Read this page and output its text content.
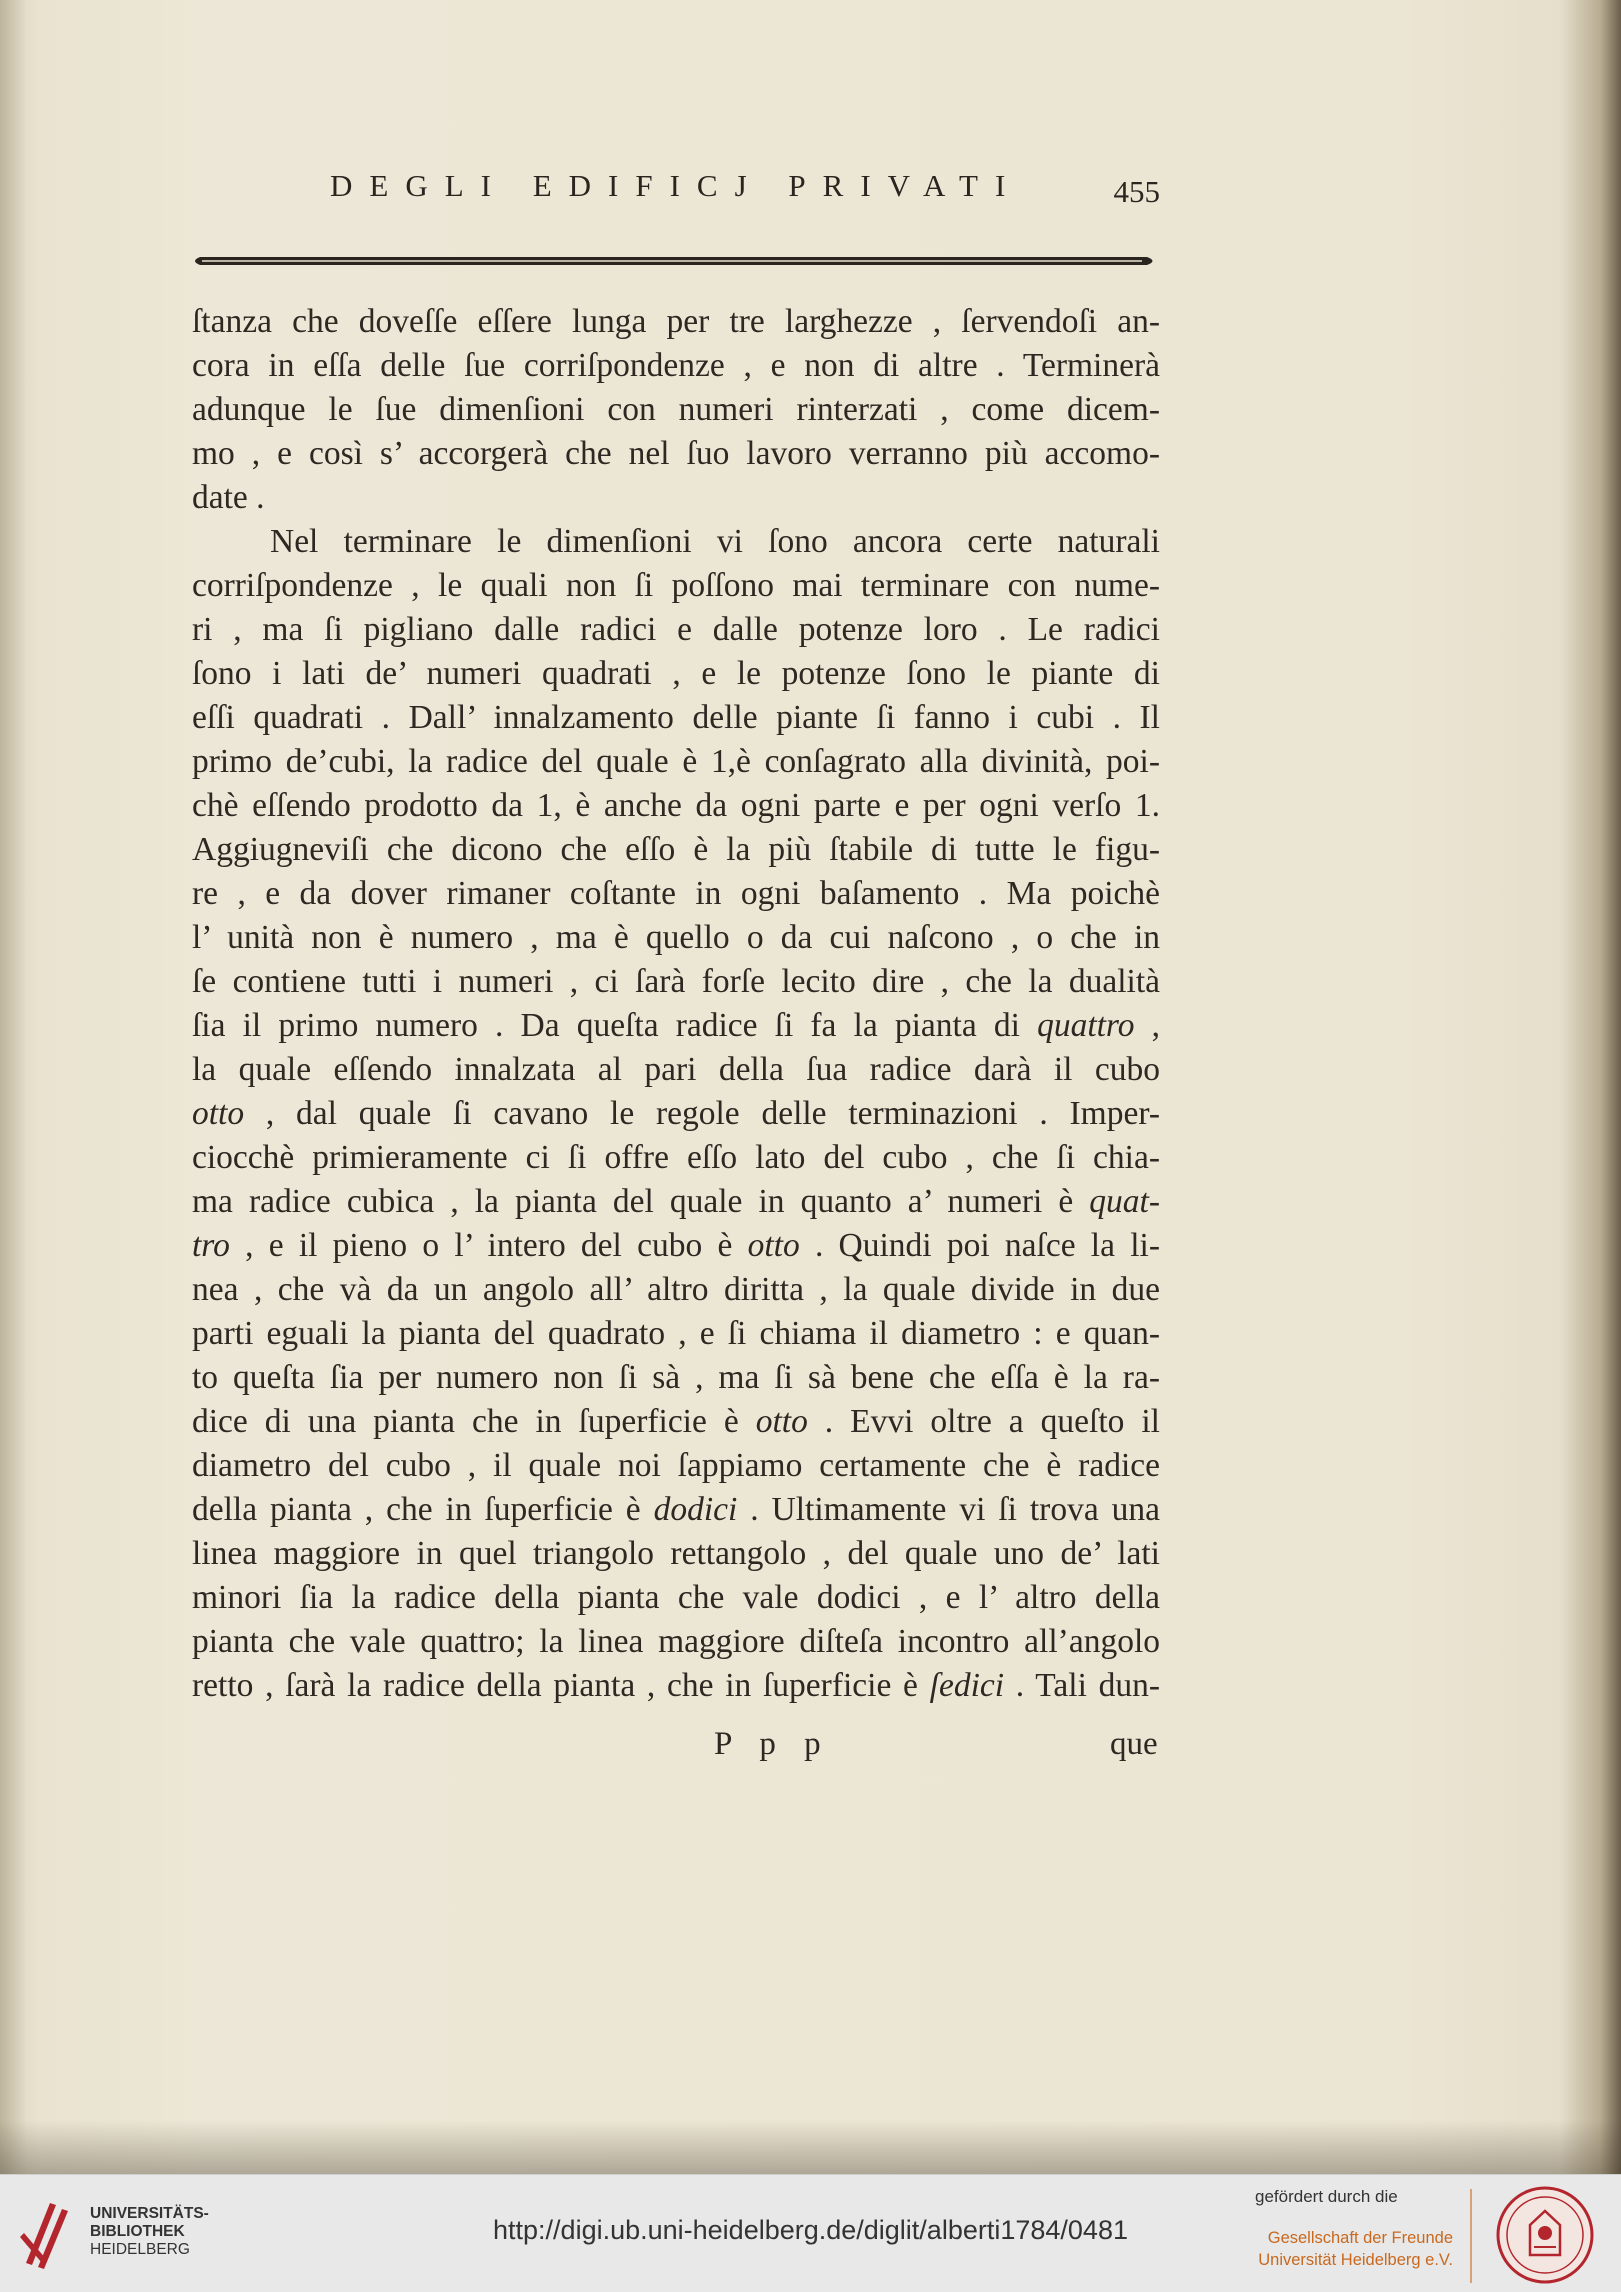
DEGLI EDIFICJ PRIVATI	455
ſtanza che doveſſe eſſere lunga per tre larghezze , ſervendoſi an-
cora in eſſa delle ſue corriſpondenze , e non di altre . Terminerà
adunque le ſue dimenſioni con numeri rinterzati , come dicem-
mo , e così s’ accorgerà che nel ſuo lavoro verranno più accomo-
date .
Nel terminare le dimenſioni vi ſono ancora certe naturali
corriſpondenze , le quali non ſi poſſono mai terminare con nume-
ri , ma ſi pigliano dalle radici e dalle potenze loro . Le radici
ſono i lati de’ numeri quadrati , e le potenze ſono le piante di
eſſi quadrati . Dall’ innalzamento delle piante ſi fanno i cubi . Il
primo de’cubi, la radice del quale è 1,è conſagrato alla divinità, poi-
chè eſſendo prodotto da 1, è anche da ogni parte e per ogni verſo 1.
Aggiugneviſi che dicono che eſſo è la più ſtabile di tutte le figu-
re , e da dover rimaner coſtante in ogni baſamento . Ma poichè
l’ unità non è numero , ma è quello o da cui naſcono , o che in
ſe contiene tutti i numeri , ci ſarà forſe lecito dire , che la dualità
ſia il primo numero . Da queſta radice ſi fa la pianta di quattro ,
la quale eſſendo innalzata al pari della ſua radice darà il cubo
otto , dal quale ſi cavano le regole delle terminazioni . Imper-
ciocchè primieramente ci ſi offre eſſo lato del cubo , che ſi chia-
ma radice cubica , la pianta del quale in quanto a’ numeri è quat-
tro , e il pieno o l’ intero del cubo è otto . Quindi poi naſce la li-
nea , che và da un angolo all’ altro diritta , la quale divide in due
parti eguali la pianta del quadrato , e ſi chiama il diametro : e quan-
to queſta ſia per numero non ſi sà , ma ſi sà bene che eſſa è la ra-
dice di una pianta che in ſuperficie è otto . Evvi oltre a queſto il
diametro del cubo , il quale noi ſappiamo certamente che è radice
della pianta , che in ſuperficie è dodici . Ultimamente vi ſi trova una
linea maggiore in quel triangolo rettangolo , del quale uno de’ lati
minori ſia la radice della pianta che vale dodici , e l’ altro della
pianta che vale quattro; la linea maggiore diſteſa incontro all’angolo
retto , ſarà la radice della pianta , che in ſuperficie è ſedici . Tali dun-
P p p	que
UNIVERSITÄTS-
BIBLIOTHEK
HEIDELBERG
http://digi.ub.uni-heidelberg.de/diglit/alberti1784/0481
gefördert durch die
Gesellschaft der Freunde
Universität Heidelberg e.V.
